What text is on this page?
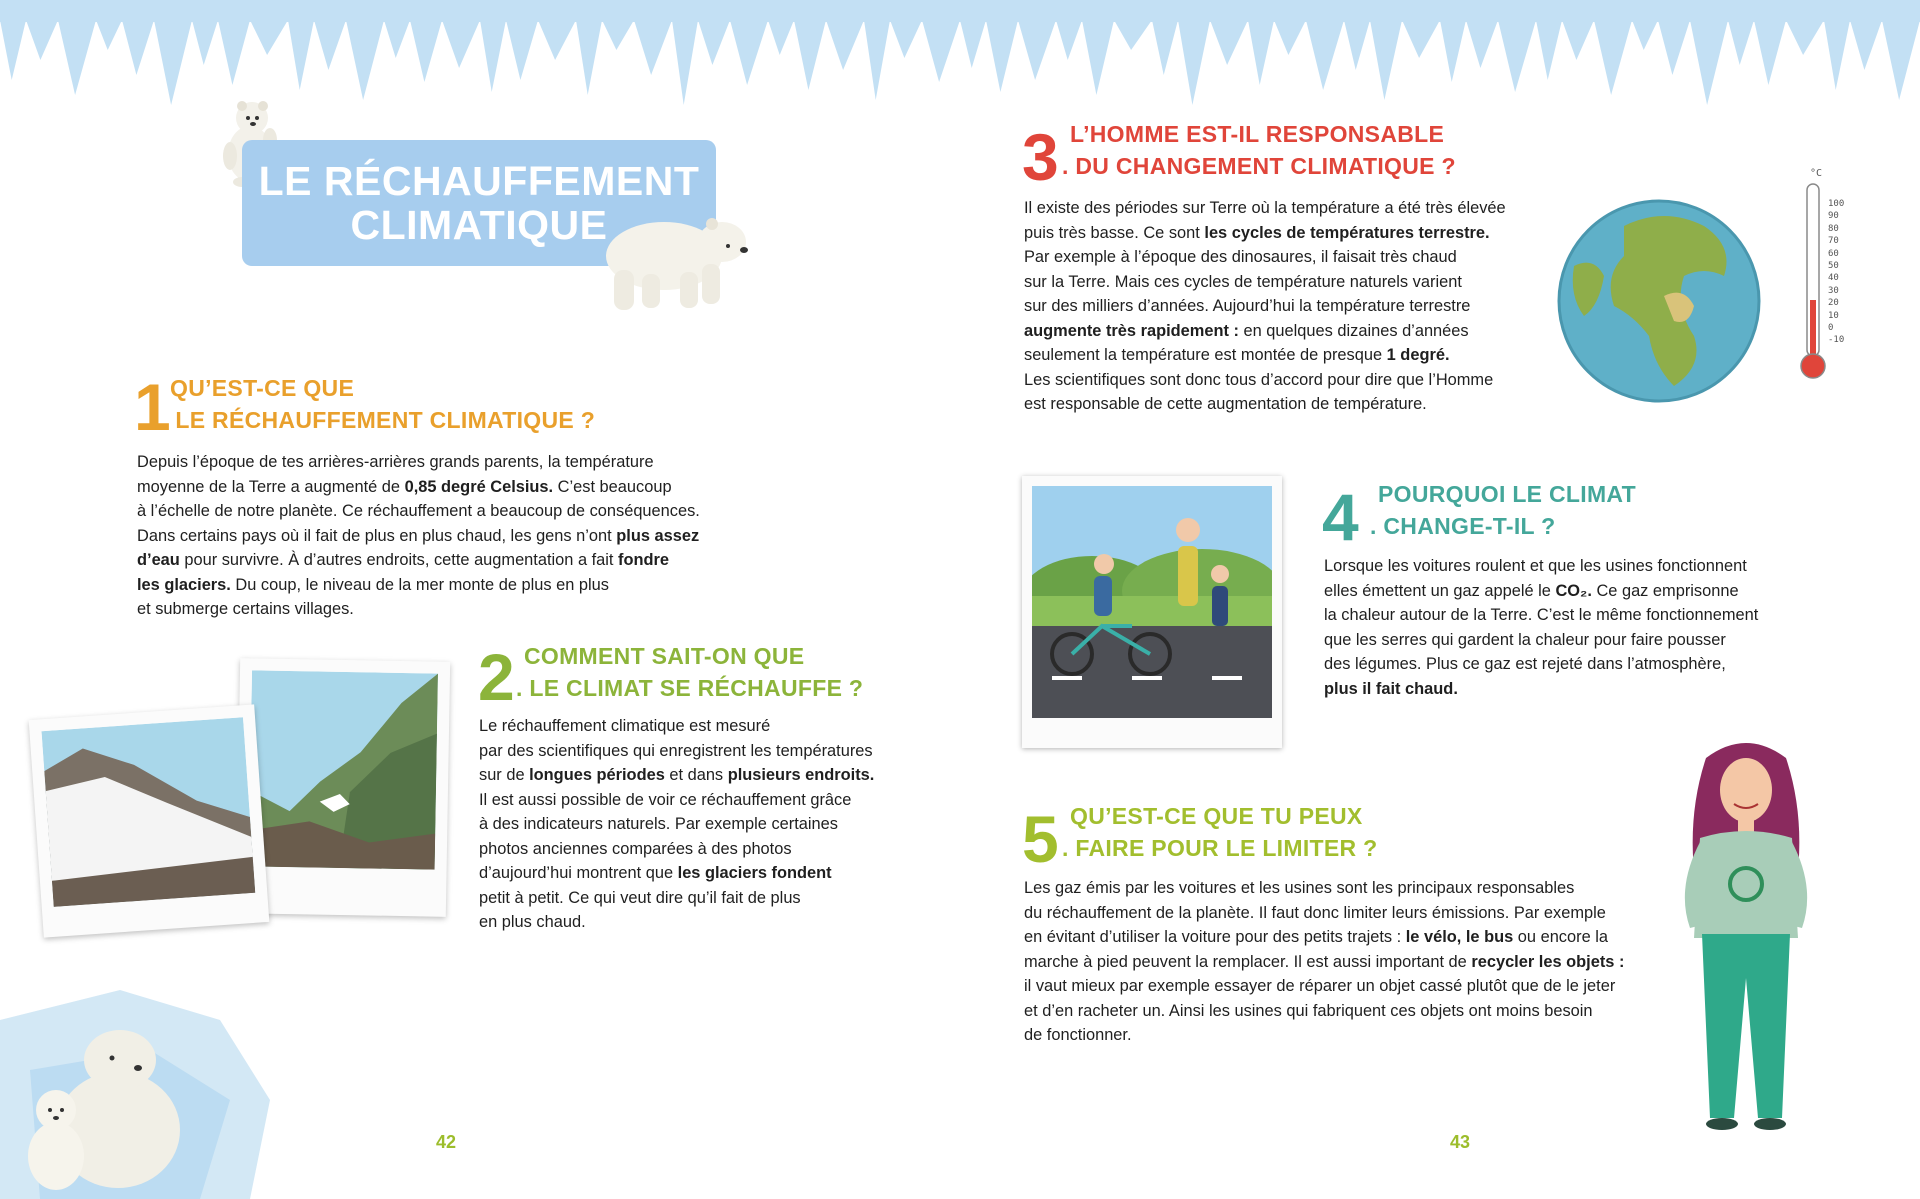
LE RÉCHAUFFEMENT
CLIMATIQUE
1 QU’EST-CE QUE
. LE RÉCHAUFFEMENT CLIMATIQUE ?
Depuis l’époque de tes arrières-arrières grands parents, la température
moyenne de la Terre a augmenté de 0,85 degré Celsius. C’est beaucoup
à l’échelle de notre planète. Ce réchauffement a beaucoup de conséquences.
Dans certains pays où il fait de plus en plus chaud, les gens n’ont plus assez
d’eau pour survivre. À d’autres endroits, cette augmentation a fait fondre
les glaciers. Du coup, le niveau de la mer monte de plus en plus
et submerge certains villages.
2 COMMENT SAIT-ON QUE
. LE CLIMAT SE RÉCHAUFFE ?
Le réchauffement climatique est mesuré
par des scientifiques qui enregistrent les températures
sur de longues périodes et dans plusieurs endroits.
Il est aussi possible de voir ce réchauffement grâce
à des indicateurs naturels. Par exemple certaines
photos anciennes comparées à des photos
d’aujourd’hui montrent que les glaciers fondent
petit à petit. Ce qui veut dire qu’il fait de plus
en plus chaud.
42
3 L’HOMME EST-IL RESPONSABLE
. DU CHANGEMENT CLIMATIQUE ?
Il existe des périodes sur Terre où la température a été très élevée
puis très basse. Ce sont les cycles de températures terrestre.
Par exemple à l’époque des dinosaures, il faisait très chaud
sur la Terre. Mais ces cycles de température naturels varient
sur des milliers d’années. Aujourd’hui la température terrestre
augmente très rapidement : en quelques dizaines d’années
seulement la température est montée de presque 1 degré.
Les scientifiques sont donc tous d’accord pour dire que l’Homme
est responsable de cette augmentation de température.
°C
100
90
80
70
60
50
40
30
20
10
0
-10
4 POURQUOI LE CLIMAT
. CHANGE-T-IL ?
Lorsque les voitures roulent et que les usines fonctionnent
elles émettent un gaz appelé le CO₂. Ce gaz emprisonne
la chaleur autour de la Terre. C’est le même fonctionnement
que les serres qui gardent la chaleur pour faire pousser
des légumes. Plus ce gaz est rejeté dans l’atmosphère,
plus il fait chaud.
5 QU’EST-CE QUE TU PEUX
. FAIRE POUR LE LIMITER ?
Les gaz émis par les voitures et les usines sont les principaux responsables
du réchauffement de la planète. Il faut donc limiter leurs émissions. Par exemple
en évitant d’utiliser la voiture pour des petits trajets : le vélo, le bus ou encore la
marche à pied peuvent la remplacer. Il est aussi important de recycler les objets :
il vaut mieux par exemple essayer de réparer un objet cassé plutôt que de le jeter
et d’en racheter un. Ainsi les usines qui fabriquent ces objets ont moins besoin
de fonctionner.
43
